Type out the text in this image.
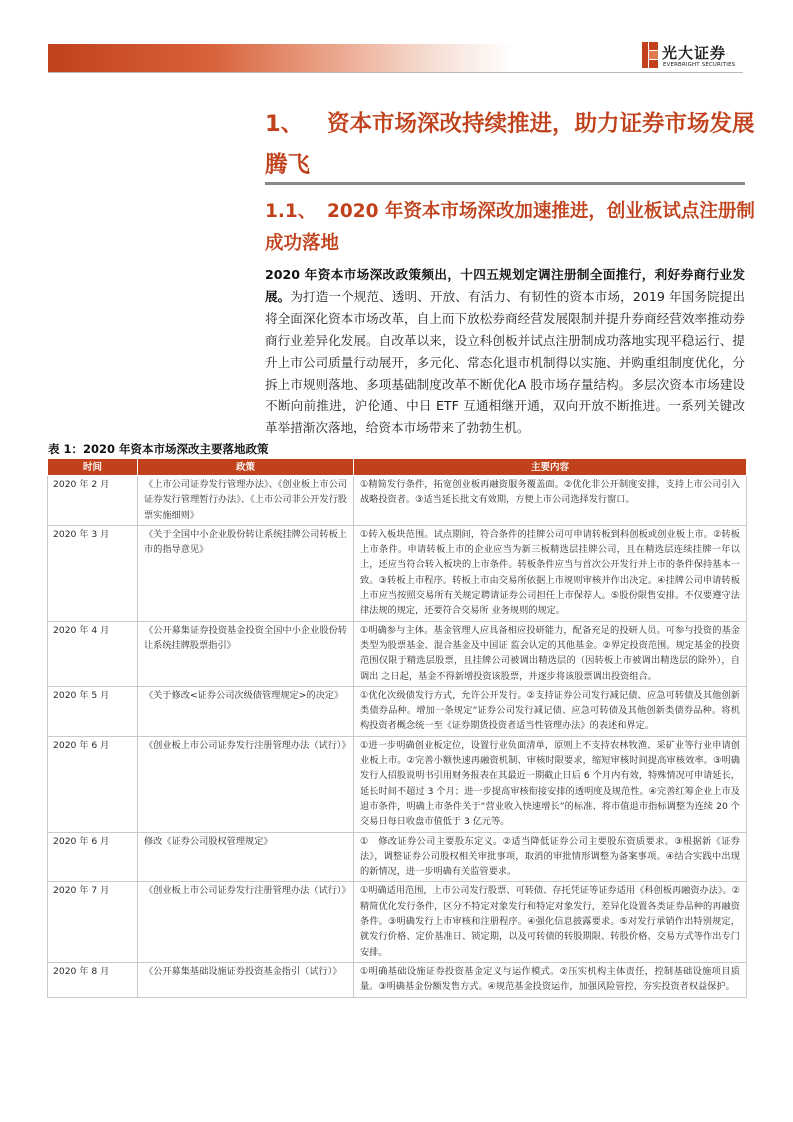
光大证券
EVERBRIGHT SECURITIES
1、 资本市场深改持续推进，助力证券市场发展腾飞
1.1、 2020 年资本市场深改加速推进，创业板试点注册制成功落地
2020 年资本市场深改政策频出，十四五规划定调注册制全面推行，利好券商行业发展。为打造一个规范、透明、开放、有活力、有韧性的资本市场，2019 年国务院提出将全面深化资本市场改革，自上而下放松券商经营发展限制并提升券商经营效率推动券商行业差异化发展。自改革以来，设立科创板并试点注册制成功落地实现平稳运行、提升上市公司质量行动展开，多元化、常态化退市机制得以实施、并购重组制度优化，分拆上市规则落地、多项基础制度改革不断优化A 股市场存量结构。多层次资本市场建设不断向前推进，沪伦通、中日 ETF 互通相继开通，双向开放不断推进。一系列关键改革举措渐次落地，给资本市场带来了勃勃生机。
表 1：2020 年资本市场深改主要落地政策
时间	政策	主要内容
2020 年 2 月	《上市公司证券发行管理办法》、《创业板上市公司证券发行管理暂行办法》、《上市公司非公开发行股票实施细则》	①精简发行条件，拓宽创业板再融资服务覆盖面。②优化非公开制度安排，支持上市公司引入战略投资者。③适当延长批文有效期，方便上市公司选择发行窗口。
2020 年 3 月	《关于全国中小企业股份转让系统挂牌公司转板上市的指导意见》	①转入板块范围。试点期间，符合条件的挂牌公司可申请转板到科创板或创业板上市。②转板上市条件。申请转板上市的企业应当为新三板精选层挂牌公司，且在精选层连续挂牌一年以上，还应当符合转入板块的上市条件。转板条件应当与首次公开发行并上市的条件保持基本一致。③转板上市程序。转板上市由交易所依据上市规则审核并作出决定。④挂牌公司申请转板上市应当按照交易所有关规定聘请证券公司担任上市保荐人。⑤股份限售安排。不仅要遵守法律法规的规定，还要符合交易所 业务规则的规定。
2020 年 4 月	《公开募集证券投资基金投资全国中小企业股份转让系统挂牌股票指引》	①明确参与主体。基金管理人应具备相应投研能力，配备充足的投研人员。可参与投资的基金类型为股票基金、混合基金及中国证 监会认定的其他基金。②界定投资范围。规定基金的投资范围仅限于精选层股票，且挂牌公司被调出精选层的（因转板上市被调出精选层的除外），自调出 之日起，基金不得新增投资该股票，并逐步将该股票调出投资组合。
2020 年 5 月	《关于修改<证券公司次级债管理规定>的决定》	①优化次级债发行方式，允许公开发行。②支持证券公司发行减记债、应急可转债及其他创新类债券品种。增加一条规定“证券公司发行减记债、应急可转债及其他创新类债券品种。将机构投资者概念统一至《证券期货投资者适当性管理办法》的表述和界定。
2020 年 6 月	《创业板上市公司证券发行注册管理办法（试行）》	①进一步明确创业板定位，设置行业负面清单，原则上不支持农林牧渔、采矿业等行业申请创业板上市。②完善小额快速再融资机制、审核时限要求，缩短审核时间提高审核效率。③明确发行人招股说明书引用财务报表在其最近一期截止日后 6 个月内有效，特殊情况可申请延长，延长时间不超过 3 个月；进一步提高审核衔接安排的透明度及规范性。④完善红筹企业上市及退市条件，明确上市条件关于“营业收入快速增长”的标准、将市值退市指标调整为连续 20 个交易日每日收盘市值低于 3 亿元等。
2020 年 6 月	修改《证券公司股权管理规定》	①　修改证券公司主要股东定义。②适当降低证券公司主要股东资质要求。③根据新《证券法》，调整证券公司股权相关审批事项，取消的审批情形调整为备案事项。④结合实践中出现的新情况，进一步明确有关监管要求。
2020 年 7 月	《创业板上市公司证券发行注册管理办法（试行）》	①明确适用范围，上市公司发行股票、可转债、存托凭证等证券适用《科创板再融资办法》。②精简优化发行条件，区分不特定对象发行和特定对象发行，差异化设置各类证券品种的再融资条件。③明确发行上市审核和注册程序。④强化信息披露要求。⑤对发行承销作出特别规定，就发行价格、定价基准日、锁定期，以及可转债的转股期限、转股价格、交易方式等作出专门安排。
2020 年 8 月	《公开募集基础设施证券投资基金指引（试行）》	①明确基础设施证券投资基金定义与运作模式。②压实机构主体责任，控制基础设施项目质量。③明确基金份额发售方式。④规范基金投资运作，加强风险管控，夯实投资者权益保护。
